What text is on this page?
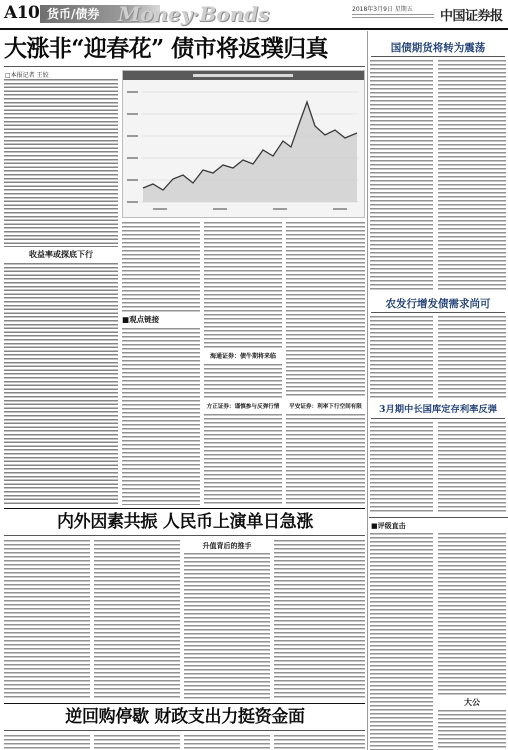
A10 货币/债券 Money·Bonds	2018年3月9日 星期五 中国证券报
大涨非“迎春花” 债市将返璞归真
□本报记者 王姣
收益率或探底下行
■观点链接
海通证券：债牛期将来临
方正证券：谨慎参与反弹行情	平安证券：利率下行空间有限
国债期货将转为震荡
农发行增发债需求尚可
3月期中长国库定存利率反弹
■评级直击
大公
内外因素共振 人民币上演单日急涨
升值背后的推手
逆回购停歇 财政支出力挺资金面
